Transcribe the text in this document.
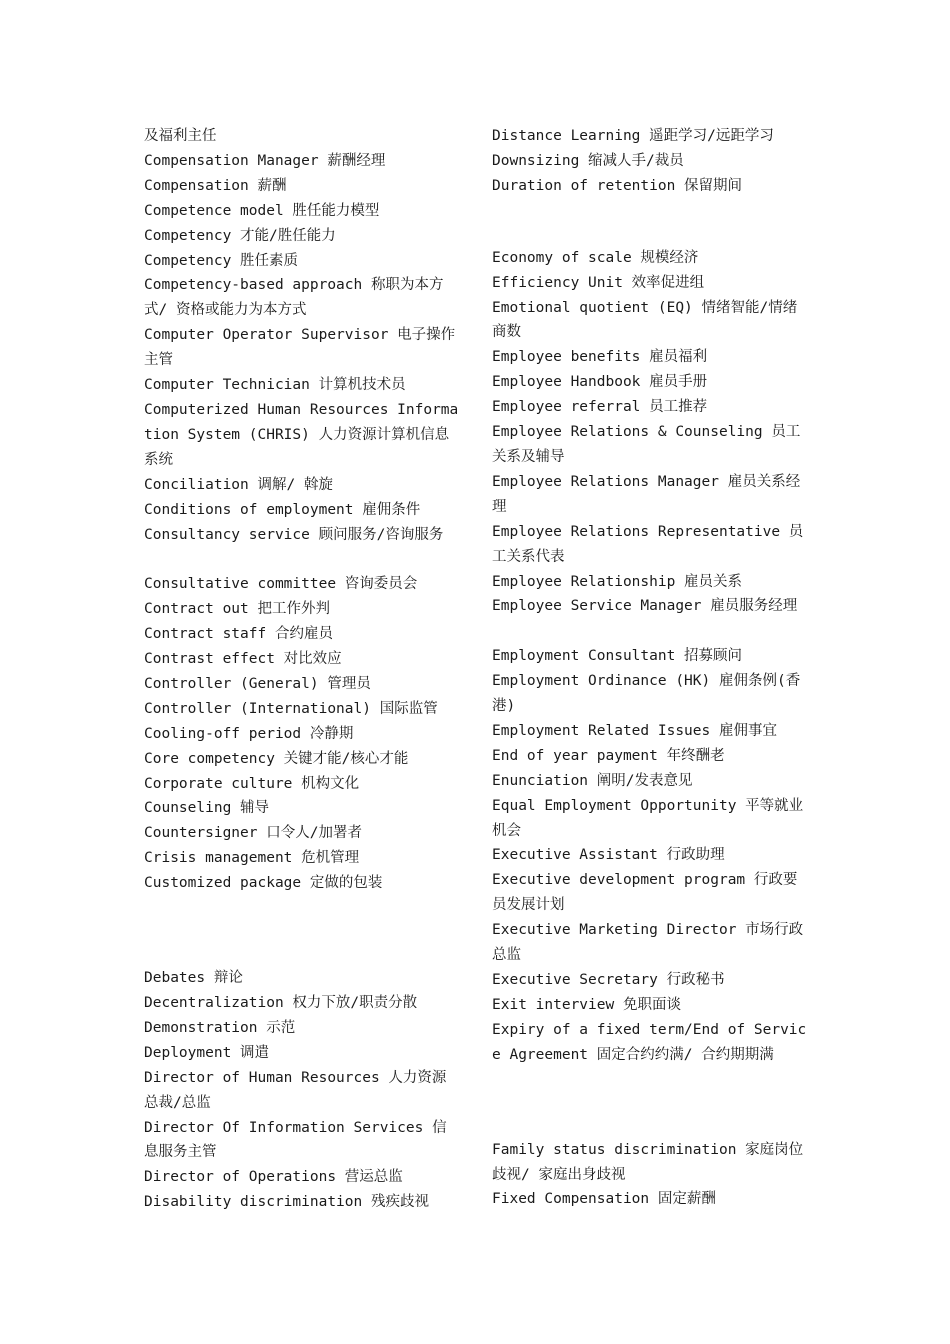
及福利主任

Compensation Manager 薪酬经理

Compensation 薪酬

Competence model 胜任能力模型

Competency 才能/胜任能力

Competency 胜任素质

Competency-based approach 称职为本方式/ 资格或能力为本方式

Computer Operator Supervisor 电子操作主管

Computer Technician 计算机技术员

Computerized Human Resources Information System (CHRIS) 人力资源计算机信息系统

Conciliation 调解/ 斡旋

Conditions of employment 雇佣条件

Consultancy service 顾问服务/咨询服务

Consultative committee 咨询委员会

Contract out 把工作外判

Contract staff 合约雇员

Contrast effect 对比效应

Controller (General) 管理员

Controller (International) 国际监管

Cooling-off period 冷静期

Core competency 关键才能/核心才能

Corporate culture 机构文化

Counseling 辅导

Countersigner 口令人/加署者

Crisis management 危机管理

Customized package 定做的包装

Debates 辩论

Decentralization 权力下放/职责分散

Demonstration 示范

Deployment 调遣

Director of Human Resources 人力资源总裁/总监

Director Of Information Services 信息服务主管

Director of Operations 营运总监

Disability discrimination 残疾歧视

Distance Learning 遥距学习/远距学习

Downsizing 缩减人手/裁员

Duration of retention 保留期间

Economy of scale 规模经济

Efficiency Unit 效率促进组

Emotional quotient (EQ) 情绪智能/情绪商数

Employee benefits 雇员福利

Employee Handbook 雇员手册

Employee referral 员工推荐

Employee Relations & Counseling 员工关系及辅导

Employee Relations Manager 雇员关系经理

Employee Relations Representative 员工关系代表

Employee Relationship 雇员关系

Employee Service Manager 雇员服务经理

Employment Consultant 招募顾问

Employment Ordinance (HK) 雇佣条例(香港)

Employment Related Issues 雇佣事宜

End of year payment 年终酬老

Enunciation 阐明/发表意见

Equal Employment Opportunity 平等就业机会

Executive Assistant 行政助理

Executive development program 行政要员发展计划

Executive Marketing Director 市场行政总监

Executive Secretary 行政秘书

Exit interview 免职面谈

Expiry of a fixed term/End of Service Agreement 固定合约约满/ 合约期期满

Family status discrimination 家庭岗位歧视/ 家庭出身歧视

Fixed Compensation 固定薪酬
